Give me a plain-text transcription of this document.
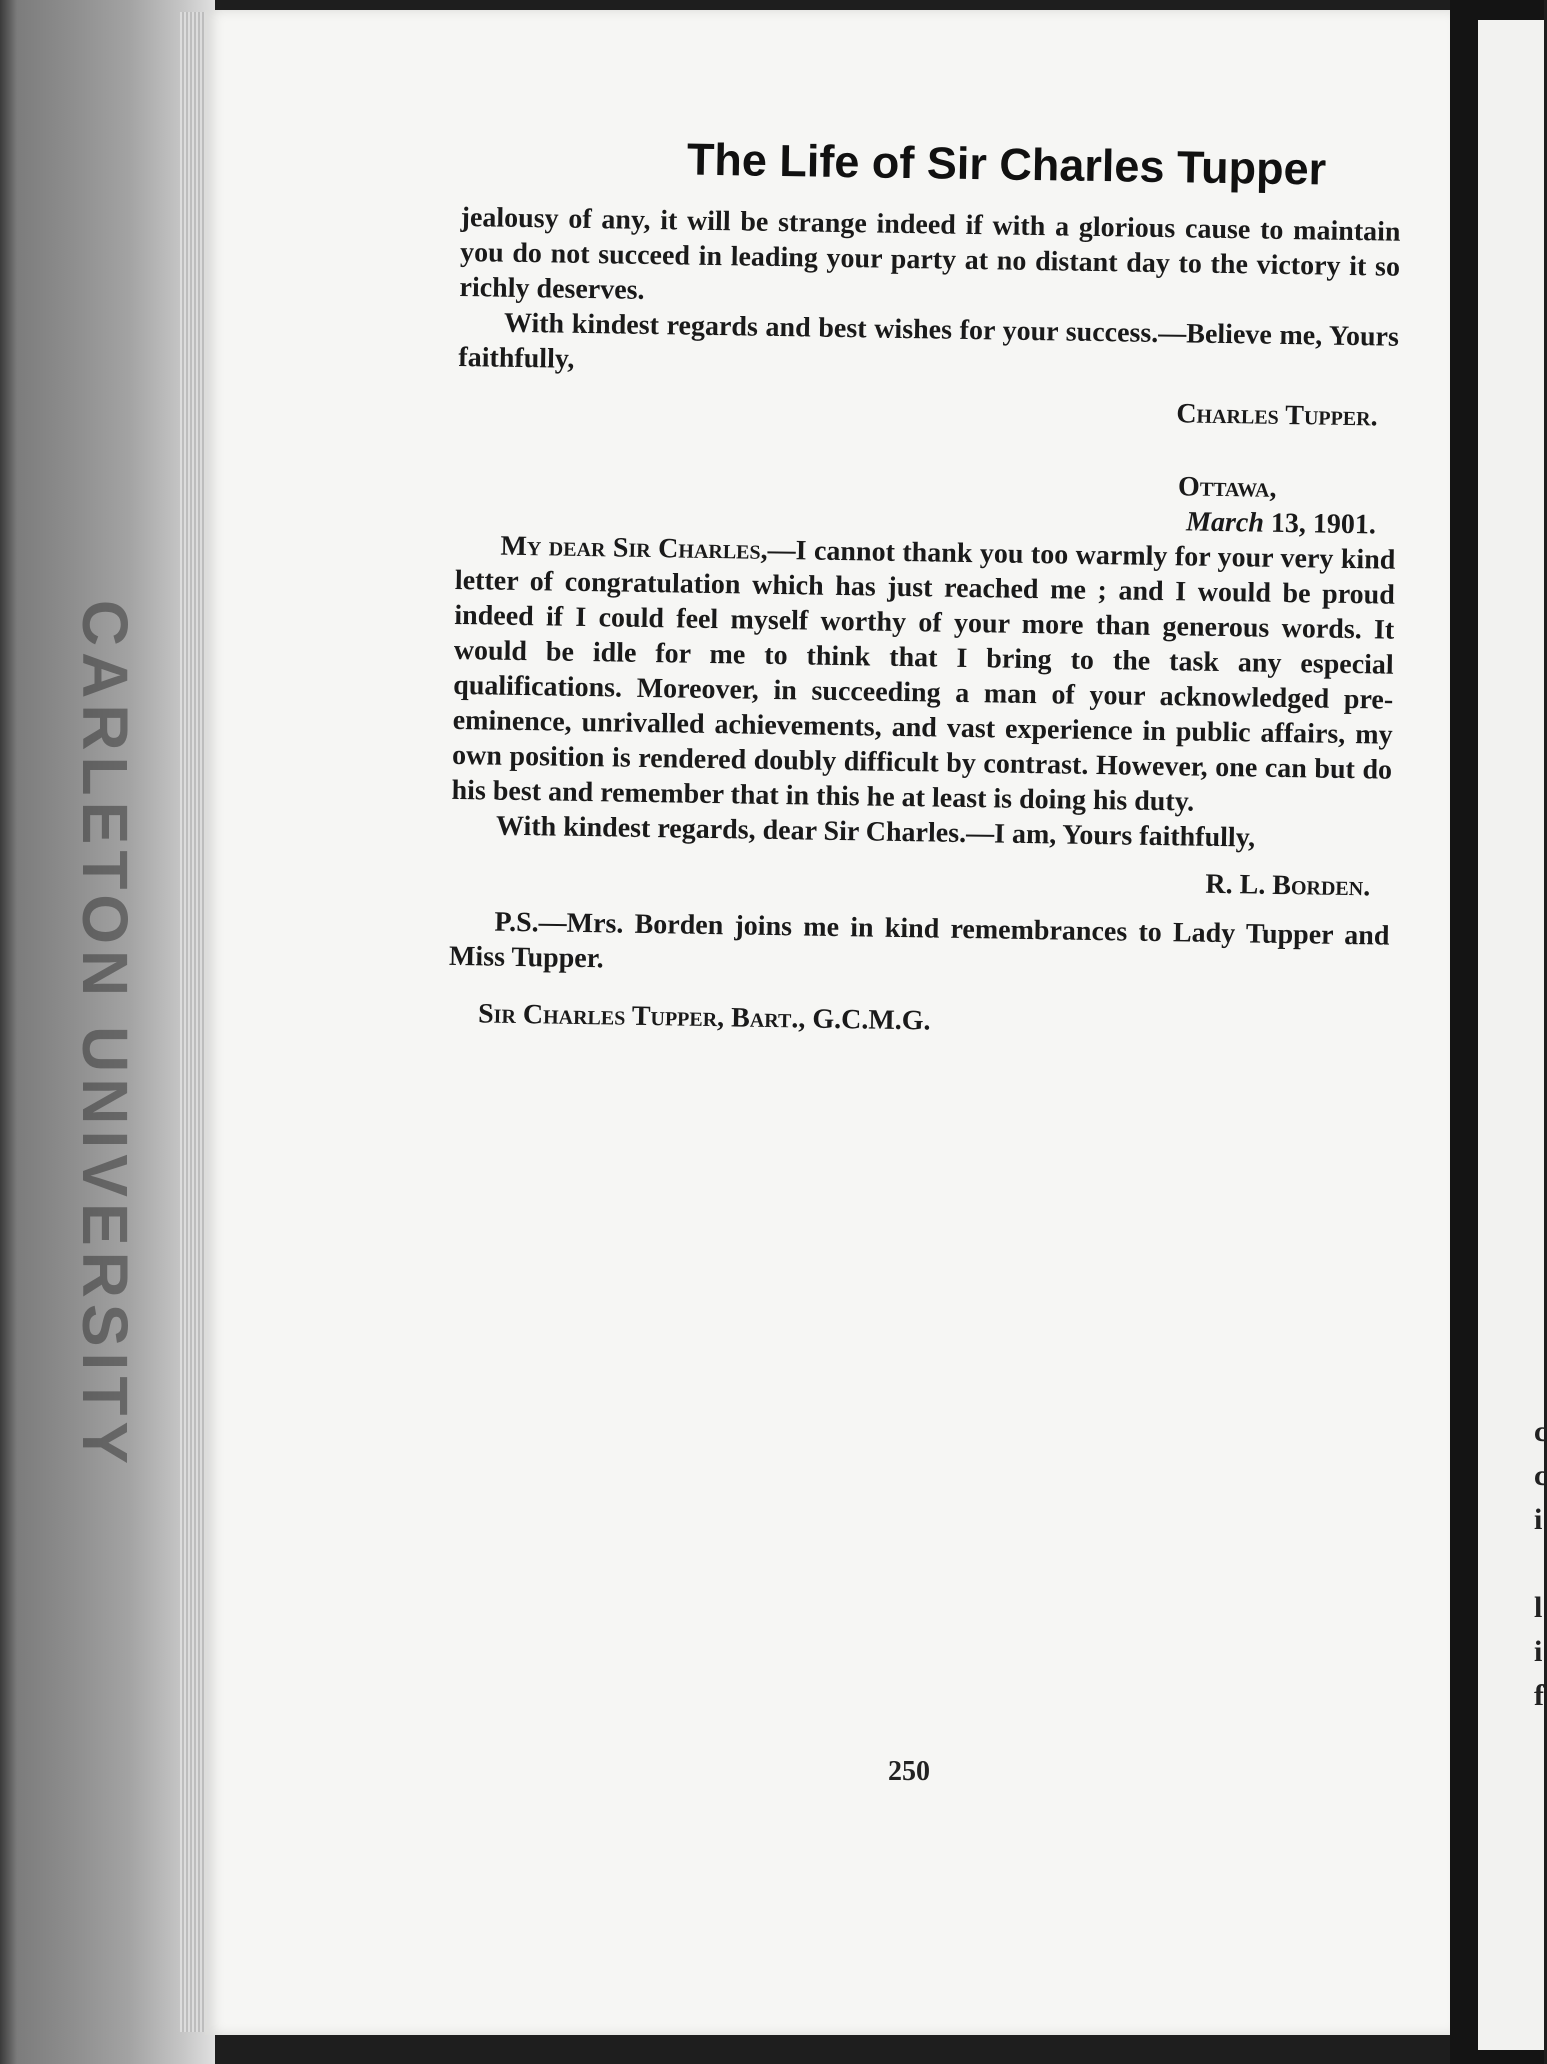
CARLETON UNIVERSITY	c
c
i
l
i
f
The Life of Sir Charles Tupper

jealousy of any, it will be strange indeed if with a glorious cause to maintain you do not succeed in leading your party at no distant day to the victory it so richly deserves.

With kindest regards and best wishes for your success.—Believe me, Yours faithfully,

Charles Tupper.

Ottawa,

March 13, 1901.

My dear Sir Charles,—I cannot thank you too warmly for your very kind letter of congratulation which has just reached me ; and I would be proud indeed if I could feel myself worthy of your more than generous words. It would be idle for me to think that I bring to the task any especial qualifications. Moreover, in succeeding a man of your acknowledged pre-eminence, unrivalled achievements, and vast experience in public affairs, my own position is rendered doubly difficult by contrast. However, one can but do his best and remember that in this he at least is doing his duty.

With kindest regards, dear Sir Charles.—I am, Yours faithfully,

R. L. Borden.

P.S.—Mrs. Borden joins me in kind remembrances to Lady Tupper and Miss Tupper.

Sir Charles Tupper, Bart., G.C.M.G.

250
